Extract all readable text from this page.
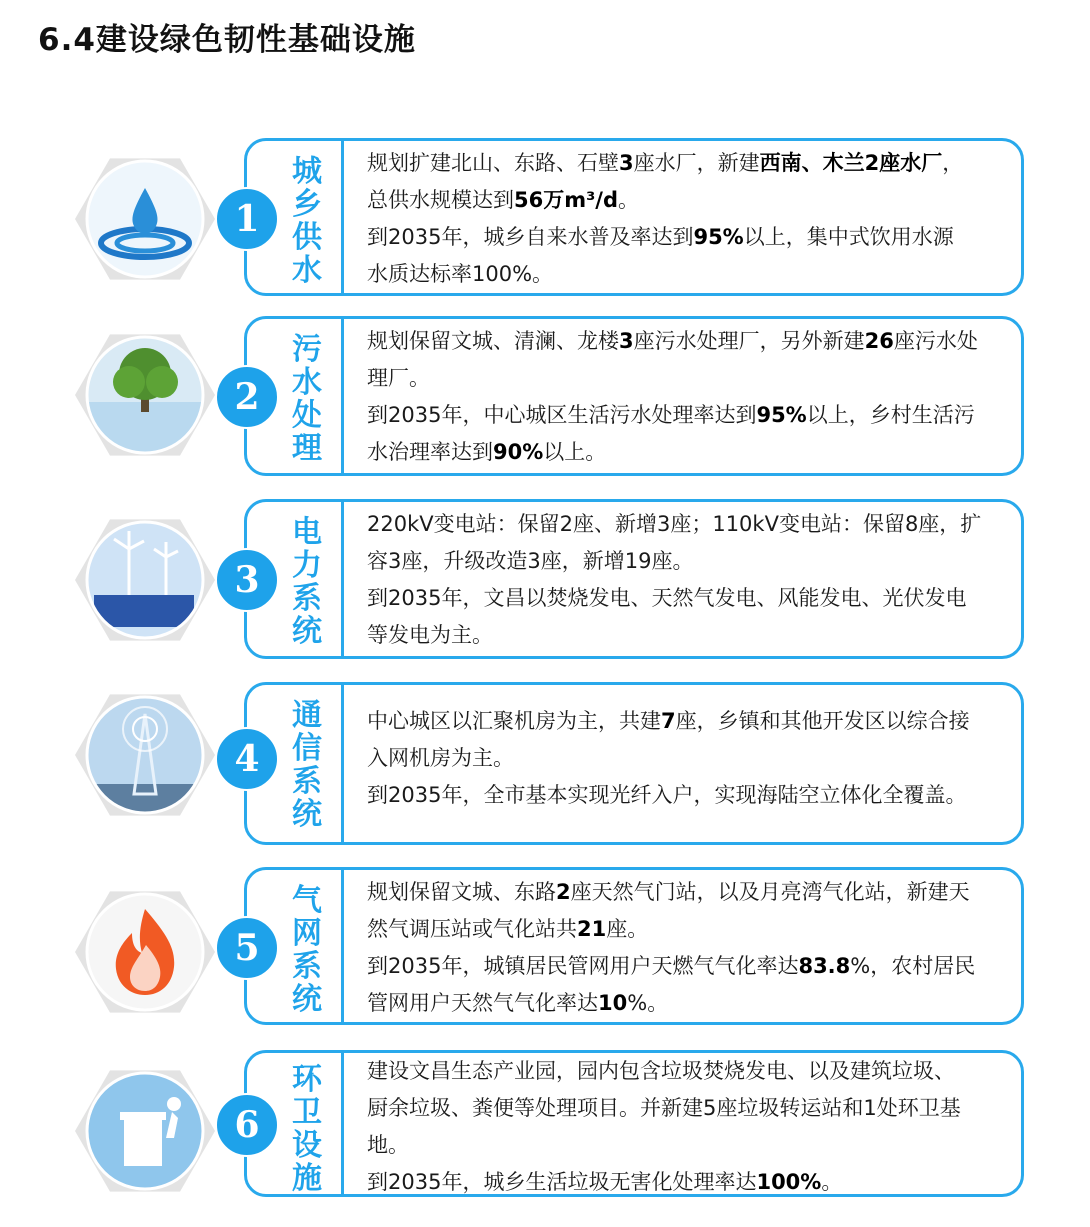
6.4建设绿色韧性基础设施
城乡供水
1

规划扩建北山、东路、石壁3座水厂，新建西南、木兰2座水厂，

总供水规模达到56万m³/d。

到2035年，城乡自来水普及率达到95%以上，集中式饮用水源

水质达标率100%。

污水处理
2

规划保留文城、清澜、龙楼3座污水处理厂，另外新建26座污水处

理厂。

到2035年，中心城区生活污水处理率达到95%以上，乡村生活污

水治理率达到90%以上。

电力系统
3

220kV变电站：保留2座、新增3座；110kV变电站：保留8座，扩

容3座，升级改造3座，新增19座。

到2035年，文昌以焚烧发电、天然气发电、风能发电、光伏发电

等发电为主。

通信系统
4

中心城区以汇聚机房为主，共建7座，乡镇和其他开发区以综合接

入网机房为主。

到2035年，全市基本实现光纤入户，实现海陆空立体化全覆盖。

气网系统
5

规划保留文城、东路2座天然气门站，以及月亮湾气化站，新建天

然气调压站或气化站共21座。

到2035年，城镇居民管网用户天燃气气化率达83.8%，农村居民

管网用户天然气气化率达10%。

环卫设施
6

建设文昌生态产业园，园内包含垃圾焚烧发电、以及建筑垃圾、

厨余垃圾、粪便等处理项目。并新建5座垃圾转运站和1处环卫基

地。

到2035年，城乡生活垃圾无害化处理率达100%。
